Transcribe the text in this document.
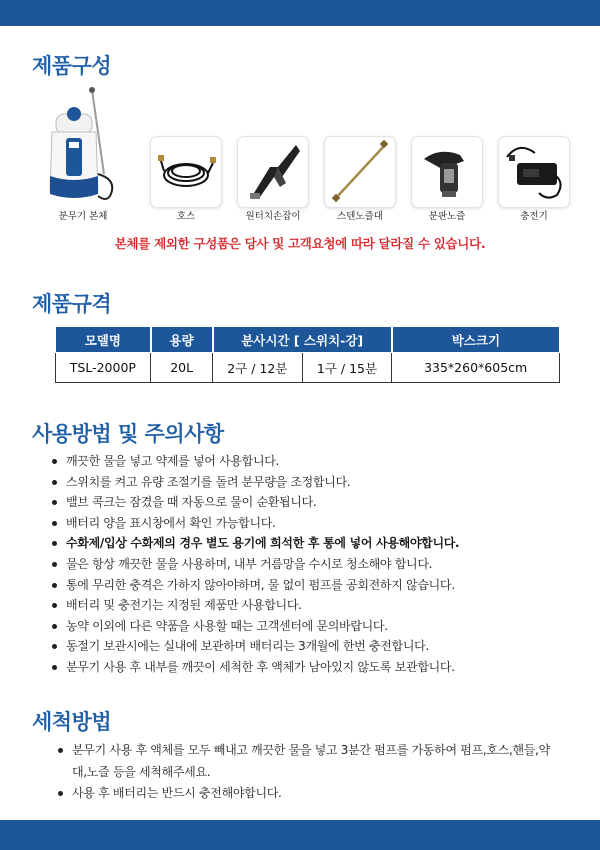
제품구성
분무기 본체	호스	원터치손잡이	스텐노즐대	분판노즐	충전기
본체를 제외한 구성품은 당사 및 고객요청에 따라 달라질 수 있습니다.
제품규격
모델명	용량	분사시간 [ 스위치-강]		박스크기
TSL-2000P	20L	2구 / 12분	1구 / 15분	335*260*605cm
사용방법 및 주의사항
깨끗한 물을 넣고 약제를 넣어 사용합니다.
스위치를 켜고 유량 조절기를 돌려 분무량을 조정합니다.
밸브 콕크는 잠겼을 때 자동으로 물이 순환됩니다.
배터리 양을 표시창에서 확인 가능합니다.
수화제/입상 수화제의 경우 별도 용기에 희석한 후 통에 넣어 사용해야합니다.
물은 항상 깨끗한 물을 사용하며, 내부 거름망을 수시로 청소해야 합니다.
통에 무리한 충격은 가하지 않아야하며, 물 없이 펌프를 공회전하지 않습니다.
배터리 및 충전기는 지정된 제품만 사용합니다.
농약 이외에 다른 약품을 사용할 때는 고객센터에 문의바랍니다.
동절기 보관시에는 실내에 보관하며 배터리는 3개월에 한번 충전합니다.
분무기 사용 후 내부를 깨끗이 세척한 후 액체가 남아있지 않도록 보관합니다.
세척방법
분무기 사용 후 액체를 모두 빼내고 깨끗한 물을 넣고 3분간 펌프를 가동하여 펌프,호스,핸들,약대,노즐 등을 세척해주세요.
사용 후 배터리는 반드시 충전해야합니다.
